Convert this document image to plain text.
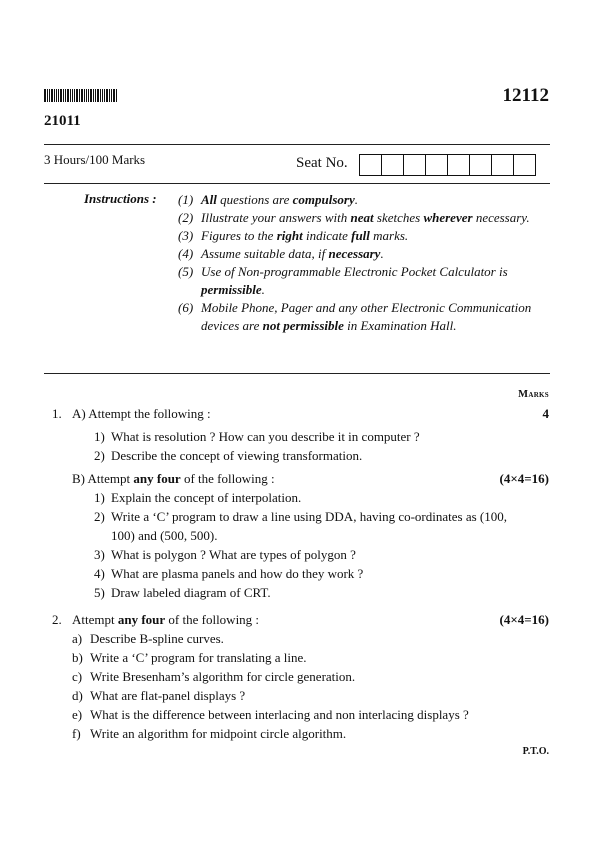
12112
21011
3 Hours/100 Marks	Seat No.
Instructions : (1) All questions are compulsory.
(2) Illustrate your answers with neat sketches wherever necessary.
(3) Figures to the right indicate full marks.
(4) Assume suitable data, if necessary.
(5) Use of Non-programmable Electronic Pocket Calculator is permissible.
(6) Mobile Phone, Pager and any other Electronic Communication devices are not permissible in Examination Hall.
Marks
1. A) Attempt the following :	4
1) What is resolution ? How can you describe it in computer ?
2) Describe the concept of viewing transformation.
B) Attempt any four of the following :	(4×4=16)
1) Explain the concept of interpolation.
2) Write a ‘C’ program to draw a line using DDA, having co-ordinates as (100, 100) and (500, 500).
3) What is polygon ? What are types of polygon ?
4) What are plasma panels and how do they work ?
5) Draw labeled diagram of CRT.
2. Attempt any four of the following :	(4×4=16)
a) Describe B-spline curves.
b) Write a ‘C’ program for translating a line.
c) Write Bresenham’s algorithm for circle generation.
d) What are flat-panel displays ?
e) What is the difference between interlacing and non interlacing displays ?
f) Write an algorithm for midpoint circle algorithm.
P.T.O.
